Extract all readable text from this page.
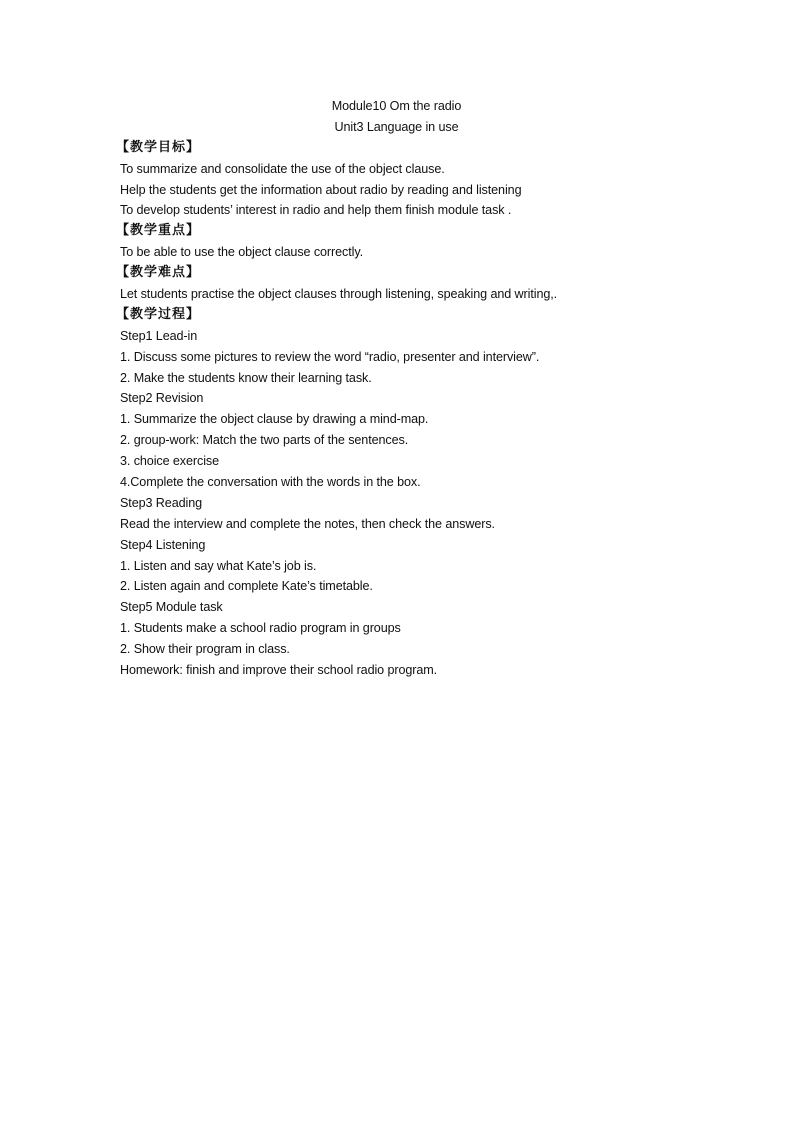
Module10 Om the radio
Unit3 Language in use
【教学目标】
To summarize and consolidate the use of the object clause.
Help the students get the information about radio by reading and listening
To develop students’ interest in radio and help them finish module task .
【教学重点】
To be able to use the object clause correctly.
【教学难点】
Let students practise the object clauses through listening, speaking and writing,.
【教学过程】
Step1 Lead-in
1. Discuss some pictures to review the word “radio, presenter and interview”.
2. Make the students know their learning task.
Step2 Revision
1. Summarize the object clause by drawing a mind-map.
2. group-work: Match the two parts of the sentences.
3. choice exercise
4.Complete the conversation with the words in the box.
Step3 Reading
Read the interview and complete the notes, then check the answers.
Step4 Listening
1. Listen and say what Kate’s job is.
2. Listen again and complete Kate’s timetable.
Step5 Module task
1. Students make a school radio program in groups
2. Show their program in class.
Homework: finish and improve their school radio program.
